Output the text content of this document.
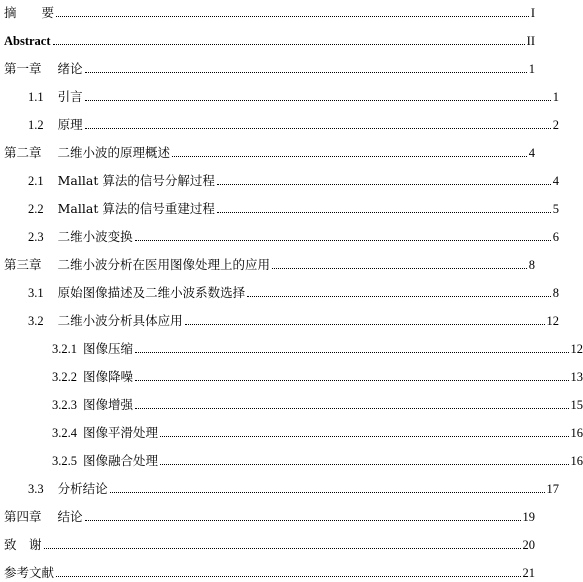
摘　　要	I
Abstract	II
第一章 绪论	1
1.1 引言	1
1.2 原理	2
第二章 二维小波的原理概述	4
2.1 Mallat 算法的信号分解过程	4
2.2 Mallat 算法的信号重建过程	5
2.3 二维小波变换	6
第三章 二维小波分析在医用图像处理上的应用	8
3.1 原始图像描述及二维小波系数选择	8
3.2 二维小波分析具体应用	12
3.2.1 图像压缩	12
3.2.2 图像降噪	13
3.2.3 图像增强	15
3.2.4 图像平滑处理	16
3.2.5 图像融合处理	16
3.3 分析结论	17
第四章 结论	19
致　谢	20
参考文献	21
